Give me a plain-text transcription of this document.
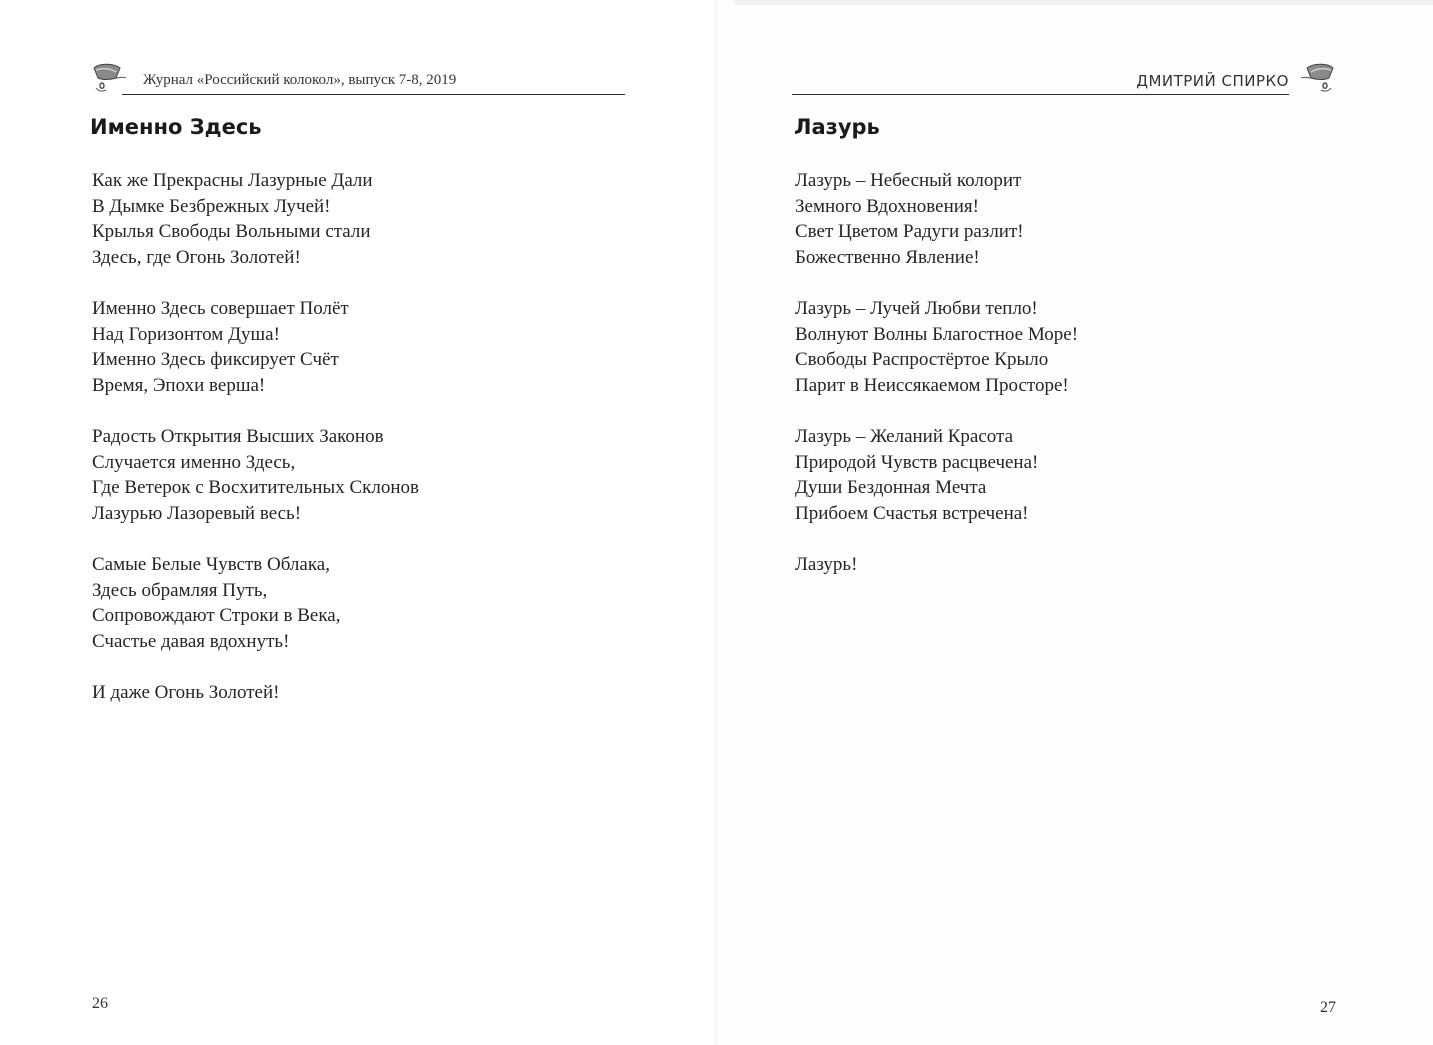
Журнал «Российский колокол», выпуск 7-8, 2019	ДМИТРИЙ СПИРКО
Именно Здесь	Лазурь
Как же Прекрасны Лазурные Дали
В Дымке Безбрежных Лучей!
Крылья Свободы Вольными стали
Здесь, где Огонь Золотей!
Именно Здесь совершает Полёт
Над Горизонтом Душа!
Именно Здесь фиксирует Счёт
Время, Эпохи верша!
Радость Открытия Высших Законов
Случается именно Здесь,
Где Ветерок с Восхитительных Склонов
Лазурью Лазоревый весь!
Самые Белые Чувств Облака,
Здесь обрамляя Путь,
Сопровождают Строки в Века,
Счастье давая вдохнуть!
И даже Огонь Золотей!
Лазурь – Небесный колорит
Земного Вдохновения!
Свет Цветом Радуги разлит!
Божественно Явление!
Лазурь – Лучей Любви тепло!
Волнуют Волны Благостное Море!
Свободы Распростёртое Крыло
Парит в Неиссякаемом Просторе!
Лазурь – Желаний Красота
Природой Чувств расцвечена!
Души Бездонная Мечта
Прибоем Счастья встречена!
Лазурь!
26	27
